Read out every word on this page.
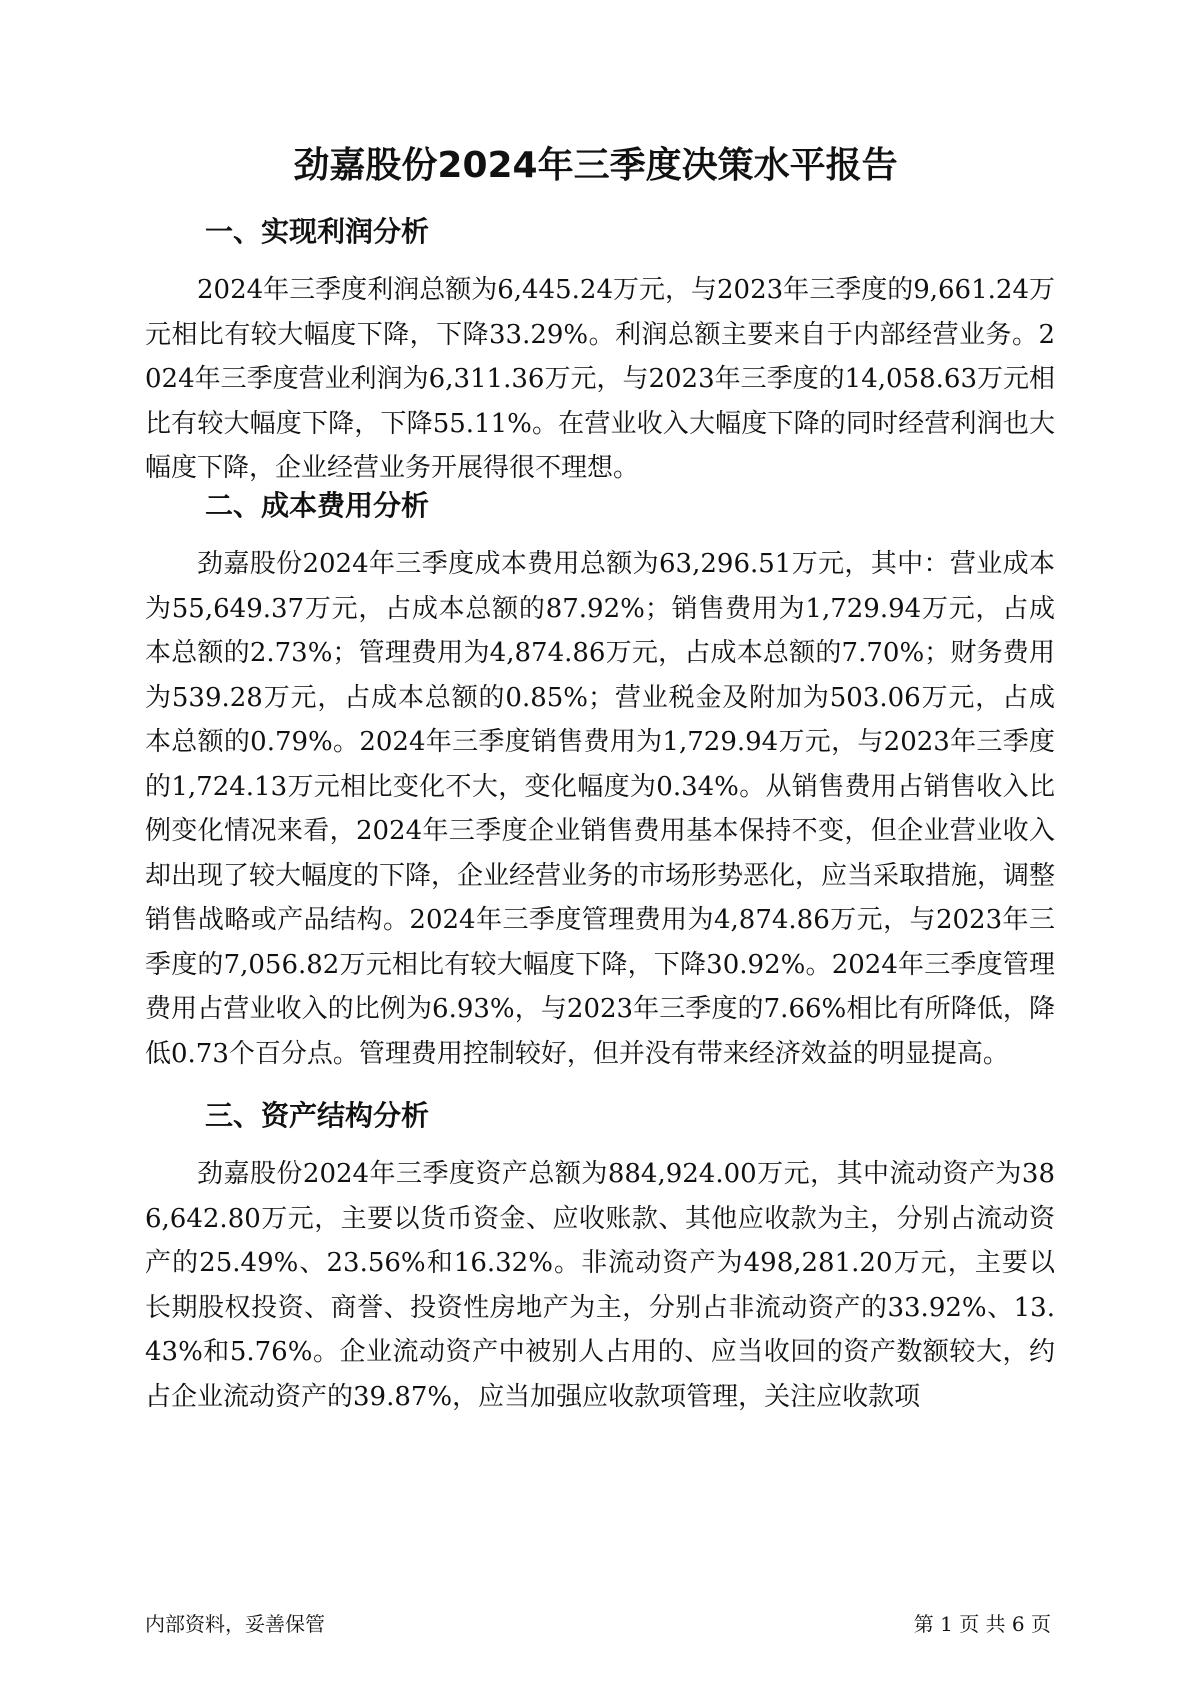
劲嘉股份2024年三季度决策水平报告
一、实现利润分析

2024年三季度利润总额为6,445.24万元，与2023年三季度的9,661.24万元相比有较大幅度下降，下降33.29%。利润总额主要来自于内部经营业务。2024年三季度营业利润为6,311.36万元，与2023年三季度的14,058.63万元相比有较大幅度下降，下降55.11%。在营业收入大幅度下降的同时经营利润也大幅度下降，企业经营业务开展得很不理想。

二、成本费用分析

劲嘉股份2024年三季度成本费用总额为63,296.51万元，其中：营业成本为55,649.37万元，占成本总额的87.92%；销售费用为1,729.94万元，占成本总额的2.73%；管理费用为4,874.86万元，占成本总额的7.70%；财务费用为539.28万元，占成本总额的0.85%；营业税金及附加为503.06万元，占成本总额的0.79%。2024年三季度销售费用为1,729.94万元，与2023年三季度的1,724.13万元相比变化不大，变化幅度为0.34%。从销售费用占销售收入比例变化情况来看，2024年三季度企业销售费用基本保持不变，但企业营业收入却出现了较大幅度的下降，企业经营业务的市场形势恶化，应当采取措施，调整销售战略或产品结构。2024年三季度管理费用为4,874.86万元，与2023年三季度的7,056.82万元相比有较大幅度下降，下降30.92%。2024年三季度管理费用占营业收入的比例为6.93%，与2023年三季度的7.66%相比有所降低，降低0.73个百分点。管理费用控制较好，但并没有带来经济效益的明显提高。

三、资产结构分析

劲嘉股份2024年三季度资产总额为884,924.00万元，其中流动资产为386,642.80万元，主要以货币资金、应收账款、其他应收款为主，分别占流动资产的25.49%、23.56%和16.32%。非流动资产为498,281.20万元，主要以长期股权投资、商誉、投资性房地产为主，分别占非流动资产的33.92%、13.43%和5.76%。企业流动资产中被别人占用的、应当收回的资产数额较大，约占企业流动资产的39.87%，应当加强应收款项管理，关注应收款项

内部资料，妥善保管	第 1 页 共 6 页
